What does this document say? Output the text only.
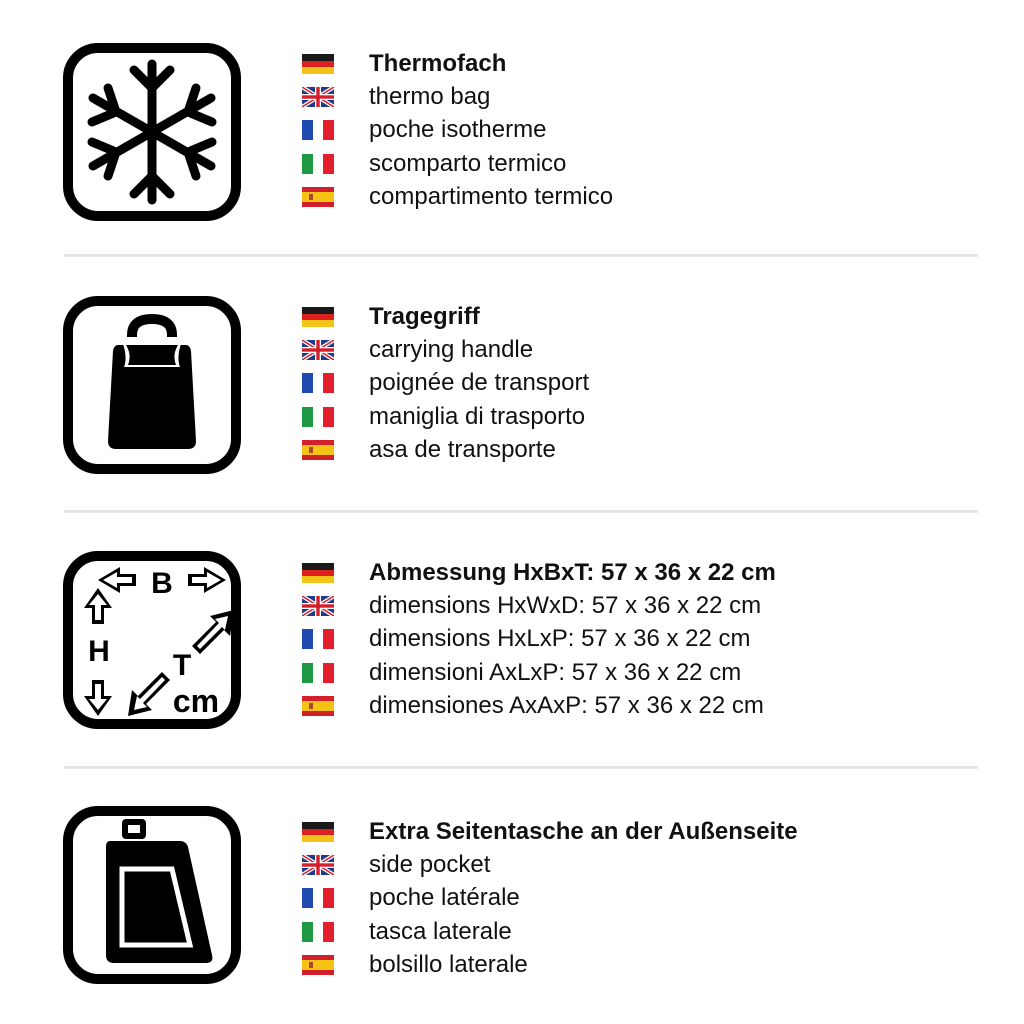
Thermofach
thermo bag
poche isotherme
scomparto termico
compartimento termico
Tragegriff
carrying handle
poignée de transport
maniglia di trasporto
asa de transporte
B
H T
cm
Abmessung HxBxT: 57 x 36 x 22 cm
dimensions HxWxD: 57 x 36 x 22 cm
dimensions HxLxP: 57 x 36 x 22 cm
dimensioni AxLxP: 57 x 36 x 22 cm
dimensiones AxAxP: 57 x 36 x 22 cm
Extra Seitentasche an der Außenseite
side pocket
poche latérale
tasca laterale
bolsillo laterale
